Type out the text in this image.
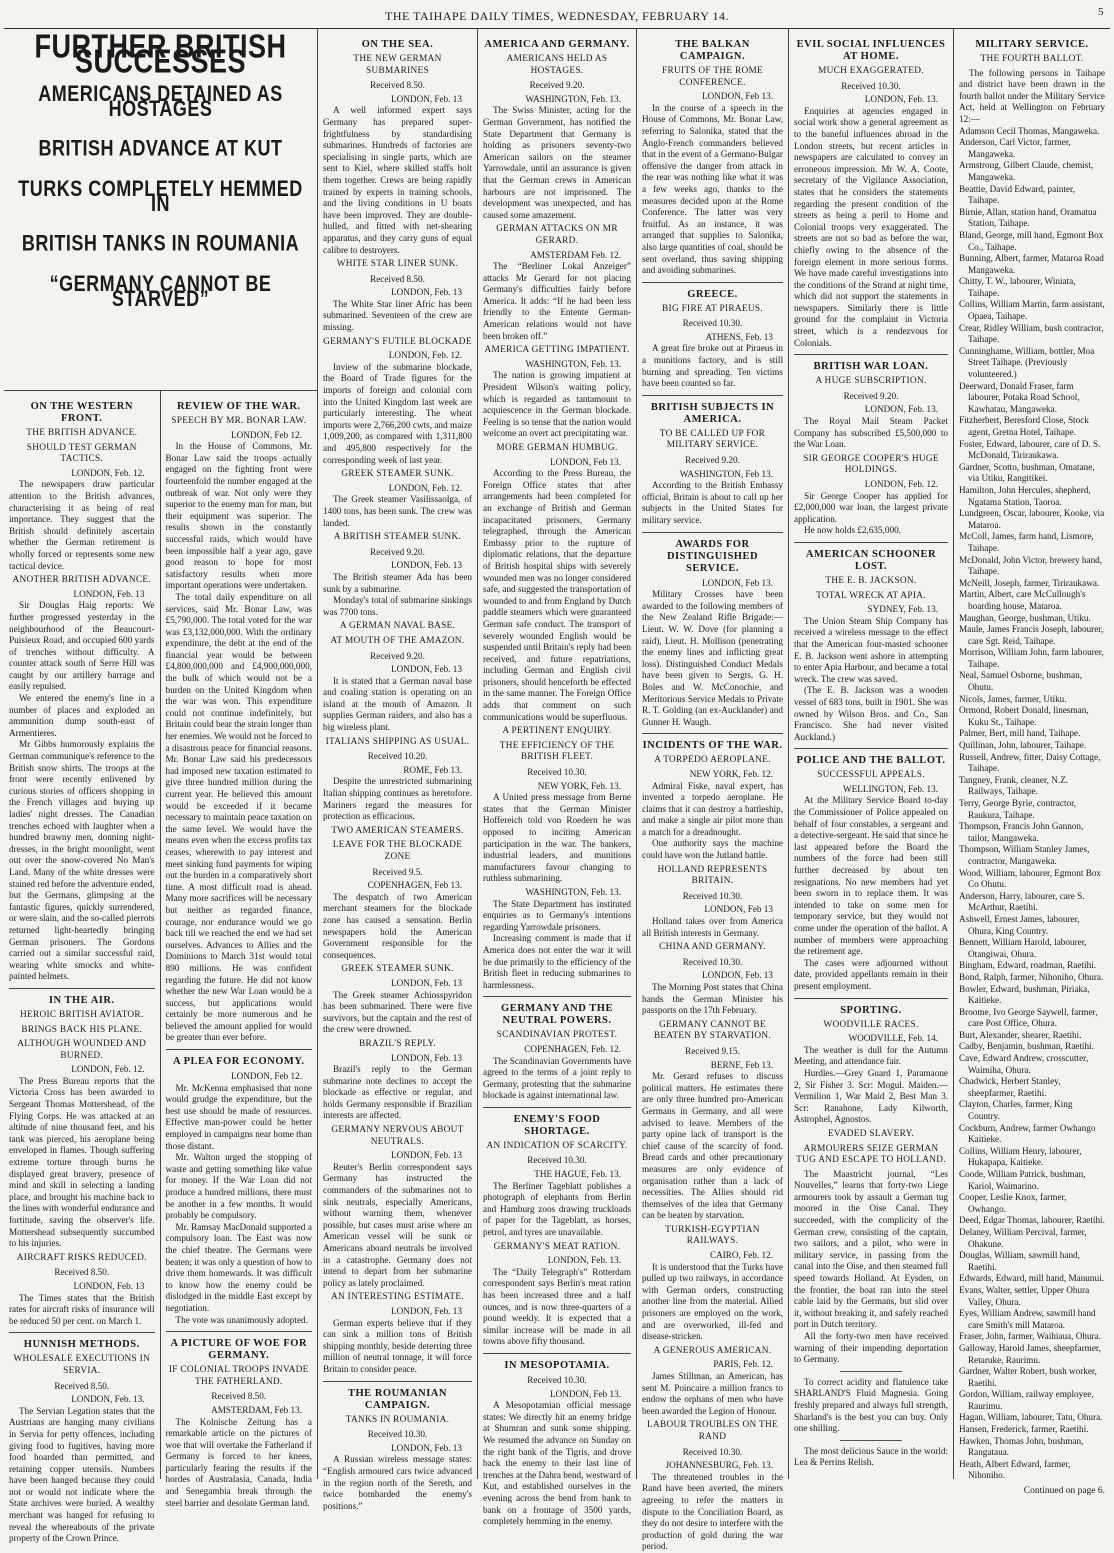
THE TAIHAPE DAILY TIMES, WEDNESDAY, FEBRUARY 14.	5
FURTHER BRITISH SUCCESSES
AMERICANS DETAINED AS HOSTAGES
BRITISH ADVANCE AT KUT
TURKS COMPLETELY HEMMED IN
BRITISH TANKS IN ROUMANIA
“GERMANY CANNOT BE STARVED”
ON THE WESTERN FRONT.
THE BRITISH ADVANCE.
SHOULD TEST GERMAN TACTICS.
LONDON, Feb. 12.

The newspapers draw particular attention to the British advances, characterising it as being of real importance. They suggest that the British should definitely ascertain whether the German retirement is wholly forced or represents some new tactical device.

ANOTHER BRITISH ADVANCE.
LONDON, Feb. 13

Sir Douglas Haig reports: We further progressed yesterday in the neighbourhood of the Beaucourt-Puisieux Road, and occupied 600 yards of trenches without difficulty. A counter attack south of Serre Hill was caught by our artillery barrage and easily repulsed.

We entered the enemy's line in a number of places and exploded an ammunition dump south-east of Armentieres.

Mr Gibbs humorously explains the German communique's reference to the British snow shirts. The troops at the front were recently enlivened by curious stories of officers shopping in the French villages and buying up ladies' night dresses. The Canadian trenches echoed with laughter when a hundred brawny men, donning night-dresses, in the bright moonlight, went out over the snow-covered No Man's Land. Many of the white dresses were stained red before the adventure ended, but the Germans, glimpsing at the fantastic figures, quickly surrendered, or were slain, and the so-called pierrots returned light-heartedly bringing German prisoners. The Gordons carried out a similar successful raid, wearing white smocks and white-painted helmets.

IN THE AIR.
HEROIC BRITISH AVIATOR.
BRINGS BACK HIS PLANE.
ALTHOUGH WOUNDED AND BURNED.
LONDON, Feb. 12.

The Press Bureau reports that the Victoria Cross has been awarded to Sergeant Thomas Mottershead, of the Flying Corps. He was attacked at an altitude of nine thousand feet, and his tank was pierced, his aeroplane being enveloped in flames. Though suffering extreme torture through burns he displayed great bravery, presence of mind and skill in selecting a landing place, and brought his machine back to the lines with wonderful endurance and fortitude, saving the observer's life. Mottershead subsequently succumbed to his injuries.

AIRCRAFT RISKS REDUCED.
Received 8.50.
LONDON, Feb. 13

The Times states that the British rates for aircraft risks of insurance will be reduced 50 per cent. on March 1.

HUNNISH METHODS.
WHOLESALE EXECUTIONS IN SERVIA.
Received 8.50.
LONDON, Feb. 13.

The Servian Legation states that the Austrians are hanging many civilians in Servia for petty offences, including giving food to fugitives, having more food hoarded than permitted, and retaining copper utensils. Numbers have been hanged because they could not or would not indicate where the State archives were buried. A wealthy merchant was hanged for refusing to reveal the whereabouts of the private property of the Crown Prince.

REVIEW OF THE WAR.
SPEECH BY MR. BONAR LAW.
LONDON, Feb 12.

In the House of Commons, Mr. Bonar Law said the troops actually engaged on the fighting front were fourteenfold the number engaged at the outbreak of war. Not only were they superior to the enemy man for man, but their equipment was superior. The results shown in the constantly successful raids, which would have been impossible half a year ago, gave good reason to hope for most satisfactory results when more important operations were undertaken.

The total daily expenditure on all services, said Mr. Bonar Law, was £5,790,000. The total voted for the war was £3,132,000,000. With the ordinary expenditure, the debt at the end of the financial year would be between £4,800,000,000 and £4,900,000,000, the bulk of which would not be a burden on the United Kingdom when the war was won. This expenditure could not continue indefinitely, but Britain could bear the strain longer than her enemies. We would not be forced to a disastrous peace for financial reasons. Mr. Bonar Law said his predecessors had imposed new taxation estimated to give three hundred million during the current year. He believed this amount would be exceeded if it became necessary to maintain peace taxation on the same level. We would have the means even when the excess profits tax ceases, wherewith to pay interest and meet sinking fund payments for wiping out the burden in a comparatively short time. A most difficult road is ahead. Many more sacrifices will be necessary but neither as regarded finance, courage, nor endurance would we go back till we reached the end we had set ourselves. Advances to Allies and the Dominions to March 31st would total 890 millions. He was confident regarding the future. He did not know whether the new War Loan would be a success, but applications would certainly be more numerous and he believed the amount applied for would be greater than ever before.

A PLEA FOR ECONOMY.
LONDON, Feb 12.

Mr. McKenna emphasised that none would grudge the expenditure, but the best use should be made of resources. Effective man-power could be better employed in campaigns near home than those distant.

Mr. Walton urged the stopping of waste and getting something like value for money. If the War Loan did not produce a hundred millions, there must be another in a few months. It would probably be compulsory.

Mr. Ramsay MacDonald supported a compulsory loan. The East was now the chief theatre. The Germans were beaten; it was only a question of how to drive them homewards. It was difficult to know how the enemy could be dislodged in the middle East except by negotiation.

The vote was unanimously adopted.

A PICTURE OF WOE FOR GERMANY.
IF COLONIAL TROOPS INVADE THE FATHERLAND.
Received 8.50.
AMSTERDAM, Feb 13.

The Kolnische Zeitung has a remarkable article on the pictures of woe that will overtake the Fatherland if Germany is forced to her knees, particularly fearing the results if the hordes of Australasia, Canada, India and Senegambia break through the steel barrier and desolate German land.

ON THE SEA.
THE NEW GERMAN SUBMARINES
Received 8.50.
LONDON, Feb. 13

A well informed expert says Germany has prepared super-frightfulness by standardising submarines. Hundreds of factories are specialising in single parts, which are sent to Kiel, where skilled staffs bolt them together. Crews are being rapidly trained by experts in training schools, and the living conditions in U boats have been improved. They are double-hulled, and fitted with net-shearing apparatus, and they carry guns of equal calibre to destroyers.

WHITE STAR LINER SUNK.
Received 8.50.
LONDON, Feb. 13

The White Star liner Afric has been submarined. Seventeen of the crew are missing.

GERMANY'S FUTILE BLOCKADE
LONDON, Feb. 12.

Inview of the submarine blockade, the Board of Trade figures for the imports of foreign and colonial corn into the United Kingdom last week are particularly interesting. The wheat imports were 2,766,200 cwts, and maize 1,009,200, as compared with 1,311,800 and 495,800 respectively for the corresponding week of last year.

GREEK STEAMER SUNK.
LONDON, Feb. 12.

The Greek steamer Vasilissaolga, of 1400 tons, has been sunk. The crew was landed.

A BRITISH STEAMER SUNK.
Received 9.20.
LONDON, Feb. 13

The British steamer Ada has been sunk by a submarine.

Monday's total of submarine sinkings was 7700 tons.

A GERMAN NAVAL BASE.
AT MOUTH OF THE AMAZON.
Received 9.20.
LONDON, Feb. 13

It is stated that a German naval base and coaling station is operating on an island at the mouth of Amazon. It supplies German raiders, and also has a big wireless plant.

ITALIANS SHIPPING AS USUAL.
Received 10.20.
ROME, Feb 13.

Despite the unrestricted submarining Italian shipping continues as heretofore. Mariners regard the measures for protection as efficacious.

TWO AMERICAN STEAMERS.
LEAVE FOR THE BLOCKADE ZONE
Received 9.5.
COPENHAGEN, Feb 13.

The despatch of two American merchant steamers for the blockade zone has caused a sensation. Berlin newspapers hold the American Government responsible for the consequences.

GREEK STEAMER SUNK.
LONDON, Feb. 13

The Greek steamer Achiosspyridon has been submarined. There were five survivors, but the captain and the rest of the crew were drowned.

BRAZIL'S REPLY.
LONDON, Feb. 13

Brazil's reply to the German submarine note declines to accept the blockade as effective or regular, and holds Germany responsible if Brazilian interests are affected.

GERMANY NERVOUS ABOUT NEUTRALS.
LONDON, Feb. 13

Reuter's Berlin correspondent says Germany has instructed the commanders of the submarines not to sink neutrals, especially Americans, without warning them, whenever possible, but cases must arise where an American vessel will be sunk or Americans aboard neutrals be involved in a catastrophe. Germany does not intend to depart from her submarine policy as lately proclaimed.

AN INTERESTING ESTIMATE.
LONDON, Feb. 13

German experts believe that if they can sink a million tons of British shipping monthly, beside deterring three million of neutral tonnage, it will force Britain to consider peace.

THE ROUMANIAN CAMPAIGN.
TANKS IN ROUMANIA.
Received 10.30.
LONDON, Feb. 13

A Russian wireless message states: “English armoured cars twice advanced in the region north of the Sereth, and twice bombarded the enemy's positions.”

AMERICA AND GERMANY.
AMERICANS HELD AS HOSTAGES.
Received 9.20.
WASHINGTON, Feb. 13.

The Swiss Minister, acting for the German Government, has notified the State Department that Germany is holding as prisoners seventy-two American sailors on the steamer Yarrowdale, until an assurance is given that the German crews in American harbours are not imprisoned. The development was unexpected, and has caused some amazement.

GERMAN ATTACKS ON MR GERARD.
AMSTERDAM Feb. 12.

The “Berliner Lokal Anzeiger” attacks Mr Gerard for not placing Germany's difficulties fairly before America. It adds: “If he had been less friendly to the Entente German-American relations would not have been broken off.”

AMERICA GETTING IMPATIENT.
WASHINGTON, Feb. 13.

The nation is growing impatient at President Wilson's waiting policy, which is regarded as tantamount to acquiescence in the German blockade. Feeling is so tense that the nation would welcome an overt act precipitating war.

MORE GERMAN HUMBUG.
LONDON, Feb 13.

According to the Press Bureau, the Foreign Office states that after arrangements had been completed for an exchange of British and German incapacitated prisoners, Germany telegraphed, through the American Embassy prior to the rupture of diplomatic relations, that the departure of British hospital ships with severely wounded men was no longer considered safe, and suggested the transportation of wounded to and from England by Dutch paddle steamers which were guaranteed German safe conduct. The transport of severely wounded English would be suspended until Britain's reply had been received, and future repatriations, including German and English civil prisoners, should henceforth be effected in the same manner. The Foreign Office adds that comment on such communications would be superfluous.

A PERTINENT ENQUIRY.
THE EFFICIENCY OF THE BRITISH FLEET.
Received 10.30.
NEW YORK, Feb. 13.

A United press message from Berne states that the German Minister Hoffereich told von Roedern he was opposed to inciting American participation in the war. The bankers, industrial leaders, and munitions manufacturers favour changing to ruthless submarining.

WASHINGTON, Feb. 13.

The State Department has instituted enquiries as to Germany's intentions regarding Yarrowdale prisoners.

Increasing comment is made that if America does not enter the war it will be due primarily to the efficiency of the British fleet in reducing submarines to harmlessness.

GERMANY AND THE NEUTRAL POWERS.
SCANDINAVIAN PROTEST.
COPENHAGEN, Feb. 12.

The Scandinavian Governments have agreed to the terms of a joint reply to Germany, protesting that the submarine blockade is against international law.

ENEMY'S FOOD SHORTAGE.
AN INDICATION OF SCARCITY.
Received 10.30.
THE HAGUE, Feb. 13.

The Berliner Tageblatt publishes a photograph of elephants from Berlin and Hamburg zoos drawing truckloads of paper for the Tageblatt, as horses, petrol, and tyres are unavailable.

GERMANY'S MEAT RATION.
LONDON, Feb. 13.

The “Daily Telegraph's” Rotterdam correspondent says Berlin's meat ration has been increased three and a half ounces, and is now three-quarters of a pound weekly. It is expected that a similar increase will be made in all towns above fifty thousand.

IN MESOPOTAMIA.
Received 10.30.
LONDON, Feb 13.

A Mesopotamian official message states: We directly hit an enemy bridge at Shumran and sunk some shipping. We resumed the advance on Sunday on the right bank of the Tigris, and drove back the enemy to their last line of trenches at the Dahra bend, westward of Kut, and established ourselves in the evening across the bend from bank to bank on a frontage of 3500 yards, completely hemming in the enemy.

THE BALKAN CAMPAIGN.
FRUITS OF THE ROME CONFERENCE.
LONDON, Feb 13.

In the course of a speech in the House of Commons, Mr. Bonar Law, referring to Salonika, stated that the Anglo-French commanders believed that in the event of a Germano-Bulgar offensive the danger from attack in the rear was nothing like what it was a few weeks ago, thanks to the measures decided upon at the Rome Conference. The latter was very fruitful. As an instance, it was arranged that supplies to Salonika, also large quantities of coal, should be sent overland, thus saving shipping and avoiding submarines.

GREECE.
BIG FIRE AT PIRAEUS.
Received 10.30.
ATHENS, Feb. 13

A great fire broke out at Piraeus in a munitions factory, and is still burning and spreading. Ten victims have been counted so far.

BRITISH SUBJECTS IN AMERICA.
TO BE CALLED UP FOR MILITARY SERVICE.
Received 9.20.
WASHINGTON, Feb 13.

According to the British Embassy official, Britain is about to call up her subjects in the United States for military service.

AWARDS FOR DISTINGUISHED SERVICE.
LONDON, Feb 13.

Military Crosses have been awarded to the following members of the New Zealand Rifle Brigade:—Lieut. W. W. Dove (for planning a raid), Lieut. H. Mollison (penetrating the enemy lines and inflicting great loss). Distinguished Conduct Medals have been given to Sergts. G. H. Boles and W. McConochie, and Meritorious Service Medals to Private R. T. Golding (an ex-Aucklander) and Gunner H. Waugh.

INCIDENTS OF THE WAR.
A TORPEDO AEROPLANE.
NEW YORK, Feb. 12.

Admiral Fiske, naval expert, has invented a torpedo aeroplane. He claims that it can destroy a battleship, and make a single air pilot more than a match for a dreadnought.

One authority says the machine could have won the Jutland battle.

HOLLAND REPRESENTS BRITAIN.
Received 10.30.
LONDON, Feb 13

Holland takes over from America all British interests in Germany.

CHINA AND GERMANY.
Received 10.30.
LONDON, Feb. 13

The Morning Post states that China hands the German Minister his passports on the 17th February.

GERMANY CANNOT BE BEATEN BY STARVATION.
Received 9.15.
BERNE, Feb 13.

Mr. Gerard refuses to discuss political matters. He estimates there are only three hundred pro-American Germans in Germany, and all were advised to leave. Members of the party opine lack of transport is the chief cause of the scarcity of food. Bread cards and other precautionary measures are only evidence of organisation rather than a lack of necessities. The Allies should rid themselves of the idea that Germany can be beaten by starvation.

TURKISH-EGYPTIAN RAILWAYS.
CAIRO, Feb. 12.

It is understood that the Turks have pulled up two railways, in accordance with German orders, constructing another line from the material. Allied prisoners are employed on the work, and are overworked, ill-fed and disease-stricken.

A GENEROUS AMERICAN.
PARIS, Feb. 12.

James Stillman, an American, has sent M. Poincaire a million francs to endow the orphans of men who have been awarded the Legion of Honour.

LABOUR TROUBLES ON THE RAND
Received 10.30.
JOHANNESBURG, Feb. 13.

The threatened troubles in the Rand have been averted, the miners agreeing to refer the matters in dispute to the Conciliation Board, as they do not desire to interfere with the production of gold during the war period.

EVIL SOCIAL INFLUENCES AT HOME.
MUCH EXAGGERATED.
Received 10.30.
LONDON, Feb. 13.

Enquiries at agencies engaged in social work show a general agreement as to the baneful influences abroad in the London streets, but recent articles in newspapers are calculated to convey an erroneous impression. Mr W. A. Coote, secretary of the Vigilance Association, states that he considers the statements regarding the present condition of the streets as being a peril to Home and Colonial troops very exaggerated. The streets are not so bad as before the war, chiefly owing to the absence of the foreign element in more serious forms. We have made careful investigations into the conditions of the Strand at night time, which did not support the statements in newspapers. Similarly there is little ground for the complaint in Victoria street, which is a rendezvous for Colonials.

BRITISH WAR LOAN.
A HUGE SUBSCRIPTION.
Received 9.20.
LONDON, Feb. 13.

The Royal Mail Steam Packet Company has subscribed £5,500,000 to the War Loan.

SIR GEORGE COOPER'S HUGE HOLDINGS.
LONDON, Feb. 12.

Sir George Cooper has applied for £2,000,000 war loan, the largest private application.

He now holds £2,635,000.

AMERICAN SCHOONER LOST.
THE E. B. JACKSON.
TOTAL WRECK AT APIA.
SYDNEY, Feb. 13.

The Union Steam Ship Company has received a wireless message to the effect that the American four-masted schooner E. B. Jackson went ashore in attempting to enter Apia Harbour, and became a total wreck. The crew was saved.

(The E. B. Jackson was a wooden vessel of 683 tons, built in 1901. She was owned by Wilson Bros. and Co., San Francisco. She had never visited Auckland.)

POLICE AND THE BALLOT.
SUCCESSFUL APPEALS.
WELLINGTON, Feb. 13.

At the Military Service Board to-day the Commissioner of Police appealed on behalf of four constables, a sergeant and a detective-sergeant. He said that since he last appeared before the Board the numbers of the force had been still further decreased by about ten resignations. No new members had yet been sworn in to replace them. It was intended to take on some men for temporary service, but they would not come under the operation of the ballot. A number of members were approaching the retirement age.

The cases were adjourned without date, provided appellants remain in their present employment.

SPORTING.
WOODVILLE RACES.
WOODVILLE, Feb. 14.

The weather is dull for the Autumn Meeting, and attendance fair.

Hurdles.—Grey Guard 1, Paramaone 2, Sir Fisher 3. Scr: Mogul. Maiden.—Vermilion 1, War Maid 2, Best Man 3. Scr: Ranahone, Lady Kilworth, Astrophel, Agnostos.

EVADED SLAVERY.
ARMOURERS SEIZE GERMAN TUG AND ESCAPE TO HOLLAND.

The Maastricht journal, “Les Nouvelles,” learns that forty-two Liege armourers took by assault a German tug moored in the Oise Canal. They succeeded, with the complicity of the German crew, consisting of the captain, two sailors, and a pilot, who were in military service, in passing from the canal into the Oise, and then steamed full speed towards Holland. At Eysden, on the frontier, the boat ran into the steel cable laid by the Germans, but slid over it, without breaking it, and safely reached port in Dutch territory.

All the forty-two men have received warning of their impending deportation to Germany.

To correct acidity and flatulence take SHARLAND'S Fluid Magnesia. Going freshly prepared and always full strength, Sharland's is the best you can buy. Only one shilling.

The most delicious Sauce in the world: Lea & Perrins Relish.

MILITARY SERVICE.
THE FOURTH BALLOT.

The following persons in Taihape and district have been drawn in the fourth ballot under the Military Service Act, held at Wellington on February 12:—

Adamson Cecil Thomas, Mangaweka.

Anderson, Carl Victor, farmer, Mangaweka.

Armstrong, Gilbert Claude, chemist, Mangaweka.

Beattie, David Edward, painter, Taihape.

Birnie, Allan, station hand, Oramatua Station, Taihape.

Bland, George, mill hand, Egmont Box Co., Taihape.

Bunning, Albert, farmer, Mataroa Road Mangaweka.

Chitty, T. W., labourer, Winiata, Taihape.

Collins, William Martin, farm assistant, Opaea, Taihape.

Crear, Ridley William, bush contractor, Taihape.

Cunninghame, William, bottler, Moa Street Taihape. (Previously volunteered.)

Deerward, Donald Fraser, farm labourer, Potaka Road School, Kawhatau, Mangaweka.

Fitzherbert, Beresford Close, Stock agent, Gretna Hotel, Taihape.

Foster, Edward, labourer, care of D. S. McDonald, Tiriraukawa.

Gardner, Scotto, bushman, Omatane, via Utiku, Rangitikei.

Hamilton, John Hercules, shepherd, Ngatama Station, Taoroa.

Lundgreen, Oscar, labourer, Kooke, via Mataroa.

McColl, James, farm hand, Lismore, Taihape.

McDonald, John Victor, brewery hand, Taihape.

McNeill, Joseph, farmer, Tiriraukawa.

Martin, Albert, care McCullough's boarding house, Mataroa.

Maughan, George, bushman, Utiku.

Maule, James Francis Joseph, labourer, care Sgt. Reid, Taihape.

Morrison, William John, farm labourer, Taihape.

Neal, Samuel Osborne, bushman, Ohutu.

Nicols, James, farmer, Utiku.

Ormond, Robert Donald, linesman, Kuku St., Taihape.

Palmer, Bert, mill hand, Taihape.

Quillinan, John, labourer, Taihape.

Russell, Andrew, fitter, Daisy Cottage, Taihape.

Tangney, Frank, cleaner, N.Z. Railways, Taihape.

Terry, George Byrie, contractor, Raukura, Taihape.

Thompson, Francis John Gannon, tailor, Mangaweka.

Thompson, William Stanley James, contractor, Mangaweka.

Wood, William, labourer, Egmont Box Co Ohutu.

Anderson, Harry, labourer, care S. McArthur, Raetihi.

Ashwell, Ernest James, labourer, Ohura, King Country.

Bennett, William Harold, labourer, Otangiwai, Ohura.

Bingham, Edward, roadman, Raetihi.

Bond, Ralph, farmer, Nihoniho, Ohura.

Bowler, Edward, bushman, Piriaka, Kaitieke.

Broome, Ivo George Saywell, farmer, care Post Office, Ohura.

Burt, Alexander, shearer, Raetihi.

Cadby, Benjamin, bushman, Raetihi.

Cave, Edward Andrew, crosscutter, Waimiha, Ohura.

Chadwick, Herbert Stanley, sheepfarmer, Raetihi.

Clayton, Charles, farmer, King Country.

Cockburn, Andrew, farmer Owhango Kaitieke.

Collins, William Henry, labourer, Hukapapa, Kaitieke.

Coode, William Patrick, bushman, Kariol, Waimarino.

Cooper, Leslie Knox, farmer, Owhango.

Deed, Edgar Thomas, labourer, Raetihi.

Delaney, William Percival, farmer, Ohakune.

Douglas, William, sawmill hand, Raetihi.

Edwards, Edward, mill hand, Manunui.

Evans, Walter, settler, Upper Ohura Valley, Ohura.

Eyes, William Andrew, sawmill hand care Smith's mill Mataroa.

Fraser, John, farmer, Waihiaua, Ohura.

Galloway, Harold James, sheepfarmer, Retaruke, Raurimu.

Gardner, Walter Robert, bush worker, Raetihi.

Gordon, William, railway employee, Raurimu.

Hagan, William, labourer, Tatu, Ohura.

Hansen, Frederick, farmer, Raetihi.

Hawken, Thomas John, bushman, Rangataua.

Heath, Albert Edward, farmer, Nihoniho.

Continued on page 6.
